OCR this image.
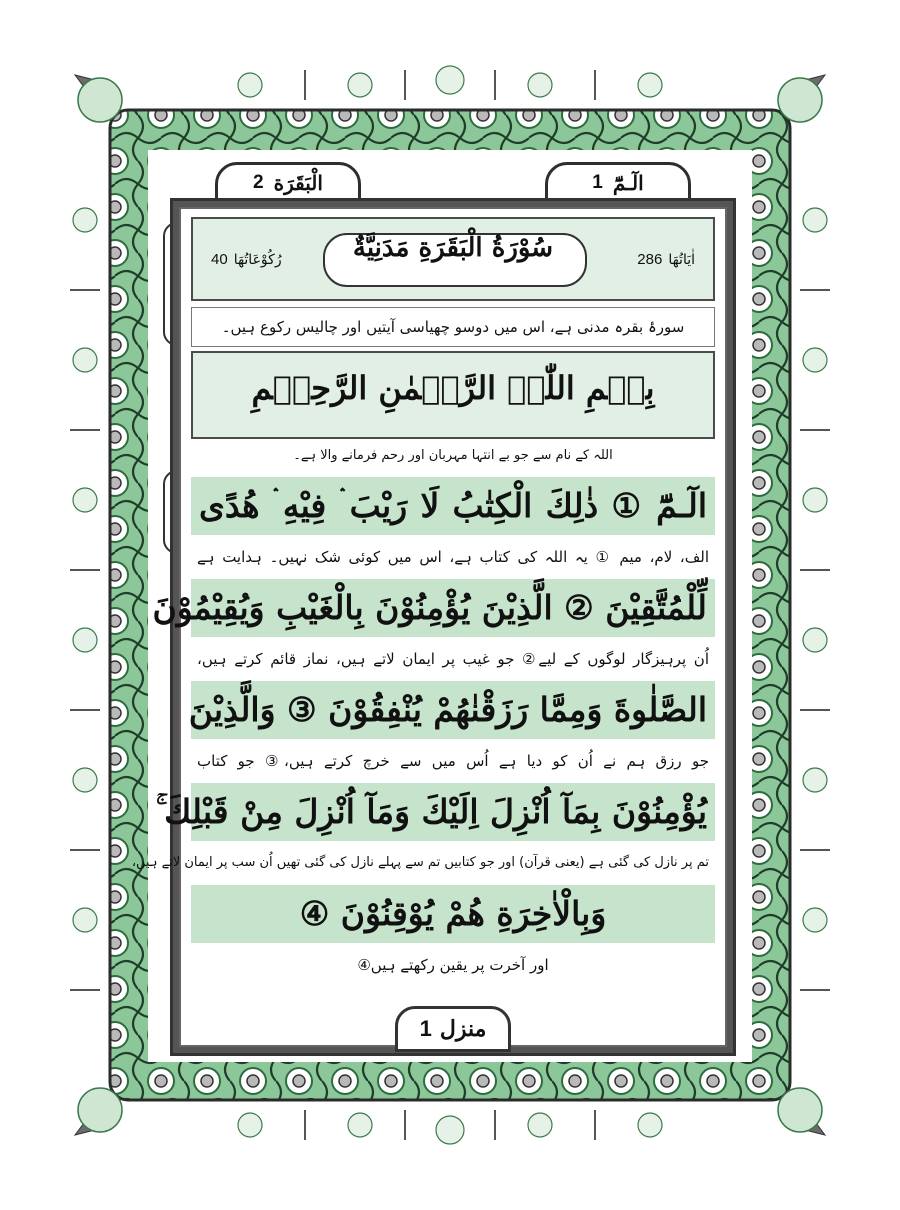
الٓـمّٓ
1
الْبَقَرَة
2
سُوْرَةُ الْبَقَرَةِ مَدَنِيَّةٌ	اٰيَاتُهَا
286
رُكُوْعَاتُهَا
40
سورۂ بقرہ مدنی ہے، اس میں دوسو چھیاسی آیتیں اور چالیس رکوع ہیں۔
بِسۡمِ اللّٰہِ الرَّحۡمٰنِ الرَّحِیۡمِ
اللہ کے نام سے جو بے انتہا مہربان اور رحم فرمانے والا ہے۔
الٓـمّٓ ① ذٰلِكَ الْكِتٰبُ لَا رَيْبَ ۛ فِيْهِ ۛ هُدًى
الف، لام، میم ① یہ اللہ کی کتاب ہے، اس میں کوئی شک نہیں۔ ہدایت ہے
لِّلْمُتَّقِيْنَ ② الَّذِيْنَ يُؤْمِنُوْنَ بِالْغَيْبِ وَيُقِيْمُوْنَ
اُن پرہیزگار لوگوں کے لیے② جو غیب پر ایمان لاتے ہیں، نماز قائم کرتے ہیں،
الصَّلٰوةَ وَمِمَّا رَزَقْنٰهُمْ يُنْفِقُوْنَ ③ وَالَّذِيْنَ
جو رزق ہم نے اُن کو دیا ہے اُس میں سے خرچ کرتے ہیں،③ جو کتاب
يُؤْمِنُوْنَ بِمَآ اُنْزِلَ اِلَيْكَ وَمَآ اُنْزِلَ مِنْ قَبْلِكَ ۚ
تم پر نازل کی گئی ہے (یعنی قرآن) اور جو کتابیں تم سے پہلے نازل کی گئی تھیں اُن سب پر ایمان لاتے ہیں،
وَبِالْاٰخِرَةِ هُمْ يُوْقِنُوْنَ ④
اور آخرت پر یقین رکھتے ہیں④
منزل
1
